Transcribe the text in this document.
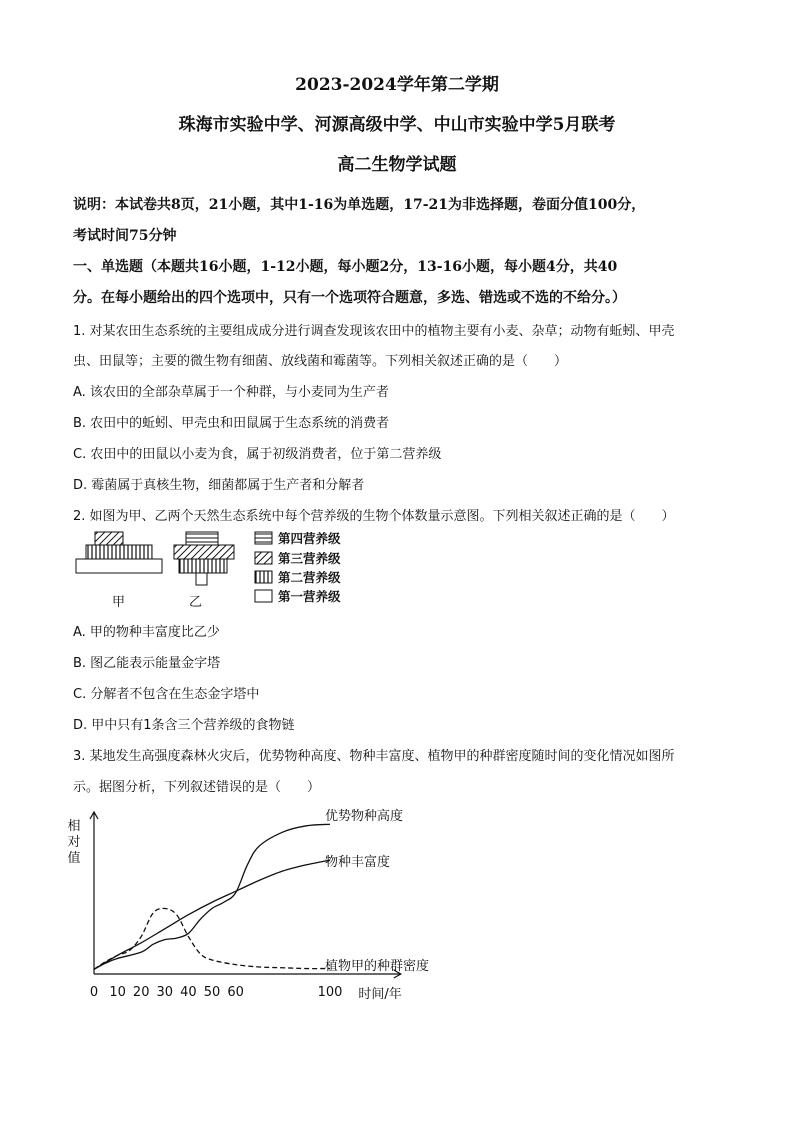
2023-2024学年第二学期
珠海市实验中学、河源高级中学、中山市实验中学5月联考
高二生物学试题
说明：本试卷共8页，21小题，其中1-16为单选题，17-21为非选择题，卷面分值100分，
考试时间75分钟
一、单选题（本题共16小题，1-12小题，每小题2分，13-16小题，每小题4分，共40
分。在每小题给出的四个选项中，只有一个选项符合题意，多选、错选或不选的不给分。）
1. 对某农田生态系统的主要组成成分进行调查发现该农田中的植物主要有小麦、杂草；动物有蚯蚓、甲壳
虫、田鼠等；主要的微生物有细菌、放线菌和霉菌等。下列相关叙述正确的是（　　）
A. 该农田的全部杂草属于一个种群，与小麦同为生产者
B. 农田中的蚯蚓、甲壳虫和田鼠属于生态系统的消费者
C. 农田中的田鼠以小麦为食，属于初级消费者，位于第二营养级
D. 霉菌属于真核生物，细菌都属于生产者和分解者
2. 如图为甲、乙两个天然生态系统中每个营养级的生物个体数量示意图。下列相关叙述正确的是（　　）
甲	乙
第四营养级
第三营养级
第二营养级
第一营养级
A. 甲的物种丰富度比乙少
B. 图乙能表示能量金字塔
C. 分解者不包含在生态金字塔中
D. 甲中只有1条含三个营养级的食物链
3. 某地发生高强度森林火灾后，优势物种高度、物种丰富度、植物甲的种群密度随时间的变化情况如图所
示。据图分析，下列叙述错误的是（　　）
相
对
值
0 10 20 30 40 50 60	100 时间/年
优势物种高度
物种丰富度
植物甲的种群密度
